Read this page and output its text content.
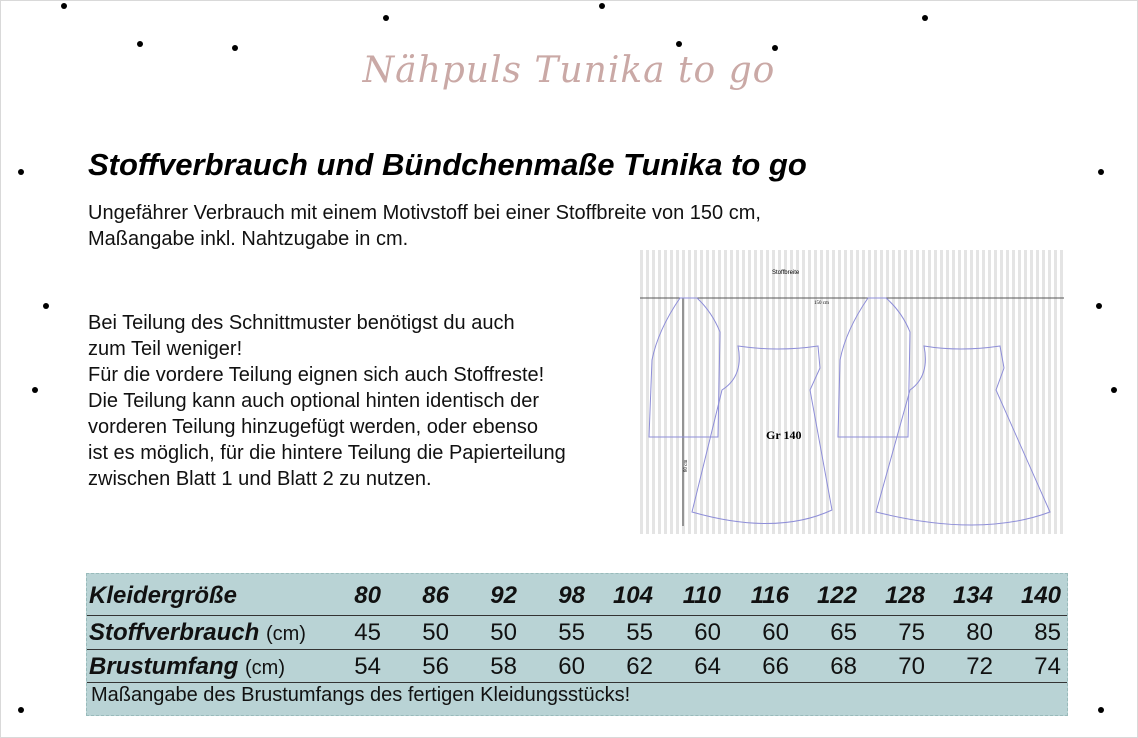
Nähpuls Tunika to go
Stoffverbrauch und Bündchenmaße Tunika to go
Ungefährer Verbrauch mit einem Motivstoff bei einer Stoffbreite von 150 cm,
Maßangabe inkl. Nahtzugabe in cm.
Bei Teilung des Schnittmuster benötigst du auch
zum Teil weniger!
Für die vordere Teilung eignen sich auch Stoffreste!
Die Teilung kann auch optional hinten identisch der
vorderen Teilung hinzugefügt werden, oder ebenso
ist es möglich, für die hintere Teilung die Papierteilung
zwischen Blatt 1 und Blatt 2 zu nutzen.
Stoffbreite
150 cm
80 cm
Gr 140
Kleidergröße	80	86	92	98	104	110	116	122	128	134	140
Stoffverbrauch (cm)	45	50	50	55	55	60	60	65	75	80	85
Brustumfang (cm)	54	56	58	60	62	64	66	68	70	72	74
Maßangabe des Brustumfangs des fertigen Kleidungsstücks!
